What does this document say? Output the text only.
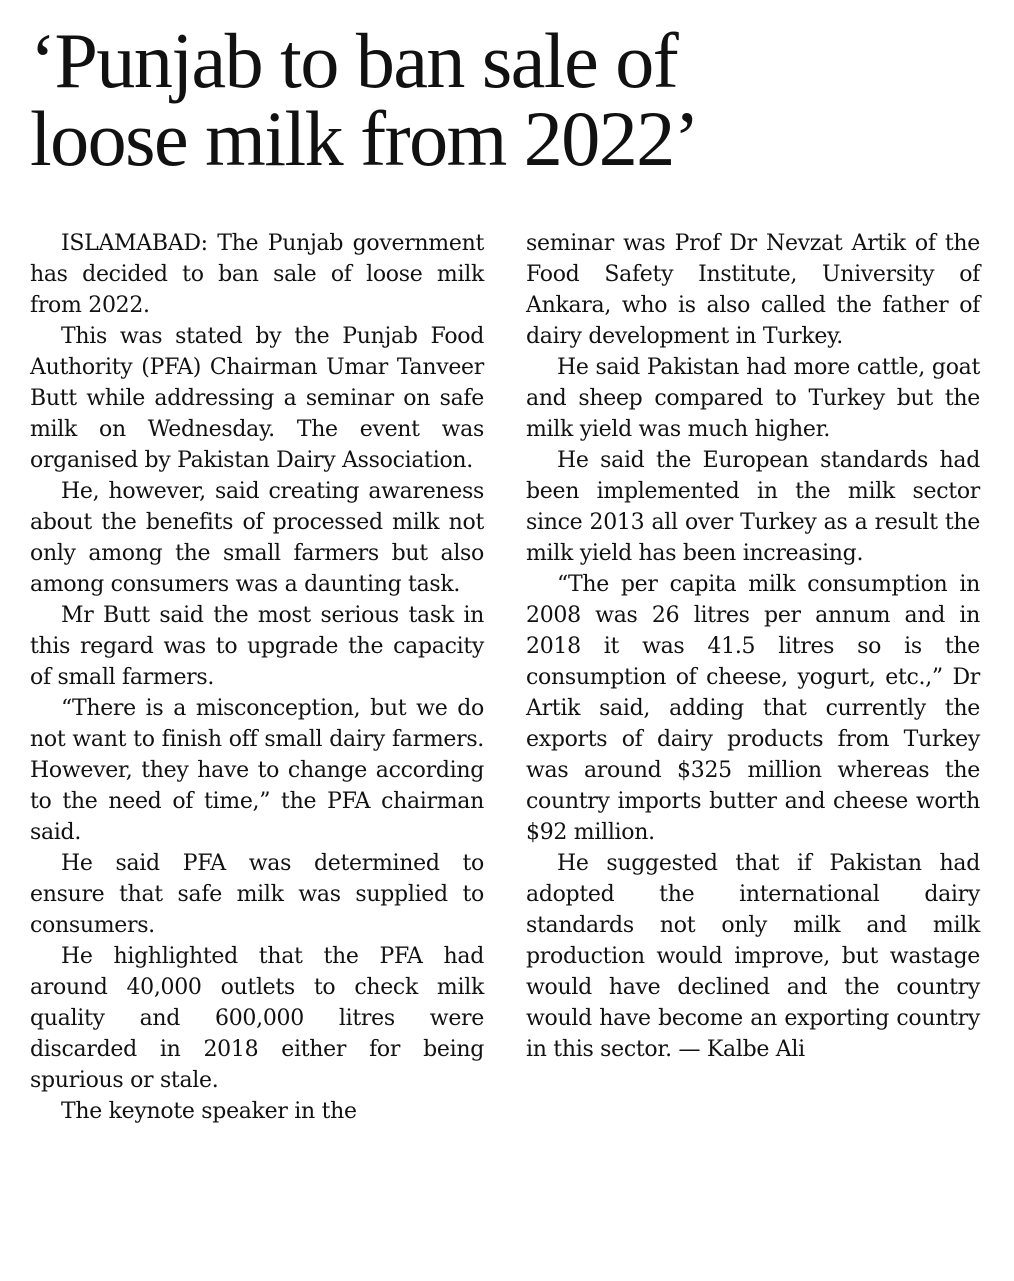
‘Punjab to ban sale of
loose milk from 2022’

ISLAMABAD: The Punjab government has decided to ban sale of loose milk from 2022.

This was stated by the Punjab Food Authority (PFA) Chairman Umar Tanveer Butt while addressing a seminar on safe milk on Wednesday. The event was organised by Pakistan Dairy Association.

He, however, said creating awareness about the benefits of processed milk not only among the small farmers but also among consumers was a daunting task.

Mr Butt said the most serious task in this regard was to upgrade the capacity of small farmers.

“There is a misconception, but we do not want to finish off small dairy farmers. However, they have to change according to the need of time,” the PFA chairman said.

He said PFA was determined to ensure that safe milk was supplied to consumers.

He highlighted that the PFA had around 40,000 outlets to check milk quality and 600,000 litres were discarded in 2018 either for being spurious or stale.

The keynote speaker in the

seminar was Prof Dr Nevzat Artik of the Food Safety Institute, University of Ankara, who is also called the father of dairy development in Turkey.

He said Pakistan had more cattle, goat and sheep compared to Turkey but the milk yield was much higher.

He said the European standards had been implemented in the milk sector since 2013 all over Turkey as a result the milk yield has been increasing.

“The per capita milk consumption in 2008 was 26 litres per annum and in 2018 it was 41.5 litres so is the consumption of cheese, yogurt, etc.,” Dr Artik said, adding that currently the exports of dairy products from Turkey was around $325 million whereas the country imports butter and cheese worth $92 million.

He suggested that if Pakistan had adopted the international dairy standards not only milk and milk production would improve, but wastage would have declined and the country would have become an exporting country in this sector. — Kalbe Ali
